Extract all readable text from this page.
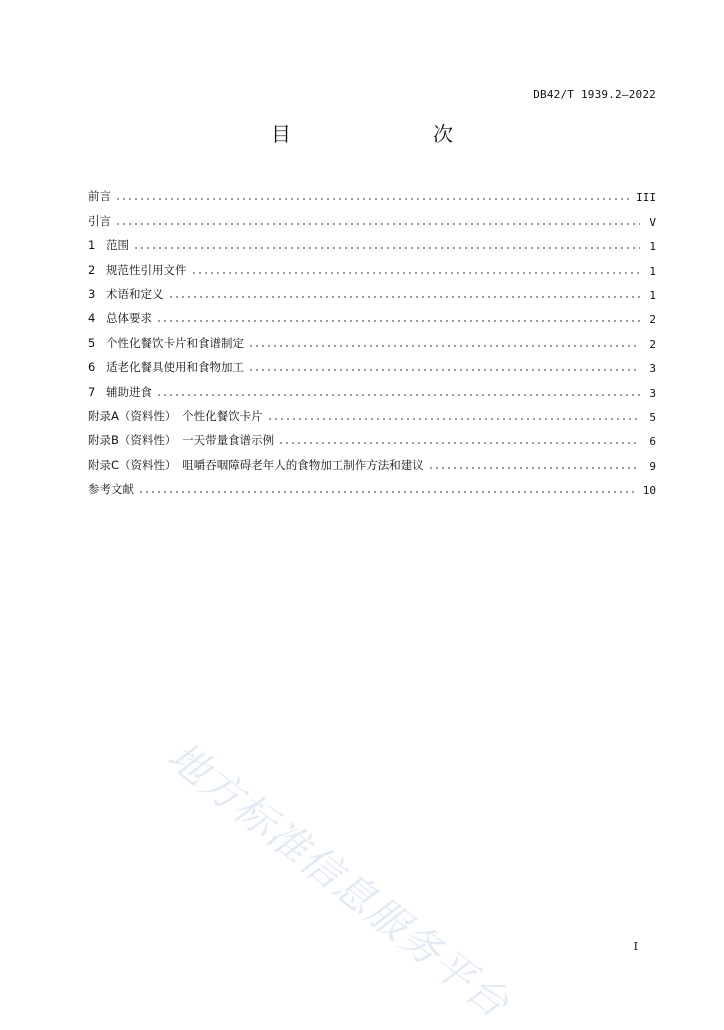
DB42/T 1939.2—2022
目　　次
前言	III
引言	V
1 范围	1
2 规范性引用文件	1
3 术语和定义	1
4 总体要求	2
5 个性化餐饮卡片和食谱制定	2
6 适老化餐具使用和食物加工	3
7 辅助进食	3
附录A（资料性）　个性化餐饮卡片	5
附录B（资料性）　一天带量食谱示例	6
附录C（资料性）　咀嚼吞咽障碍老年人的食物加工制作方法和建议	9
参考文献	10
地方标准信息服务平台	I
